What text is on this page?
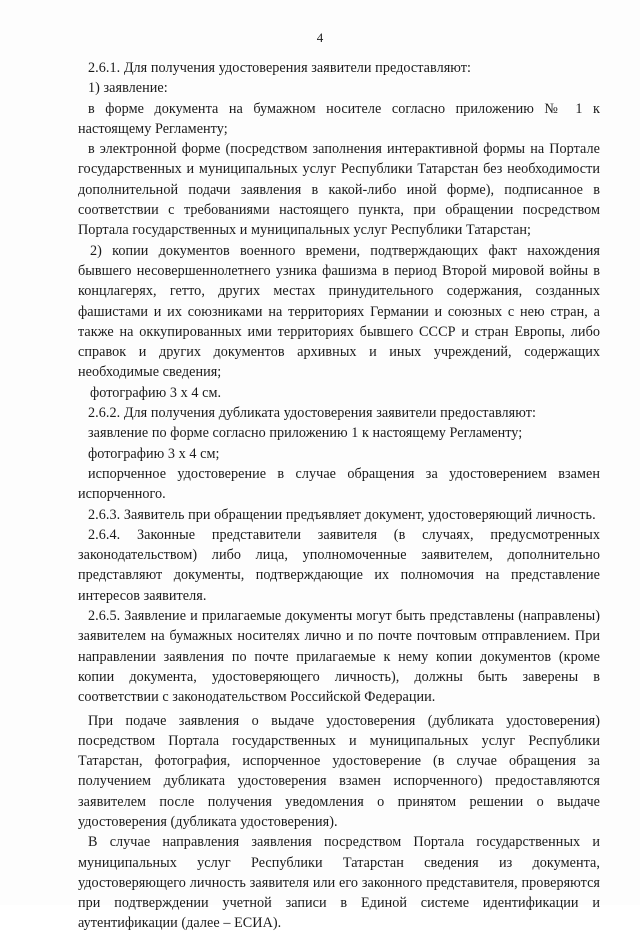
4

2.6.1. Для получения удостоверения заявители предоставляют:

1) заявление:

в форме документа на бумажном носителе согласно приложению № 1 к настоящему Регламенту;

в электронной форме (посредством заполнения интерактивной формы на Портале государственных и муниципальных услуг Республики Татарстан без необходимости дополнительной подачи заявления в какой-либо иной форме), подписанное в соответствии с требованиями настоящего пункта, при обращении посредством Портала государственных и муниципальных услуг Республики Татарстан;

2) копии документов военного времени, подтверждающих факт нахождения бывшего несовершеннолетнего узника фашизма в период Второй мировой войны в концлагерях, гетто, других местах принудительного содержания, созданных фашистами и их союзниками на территориях Германии и союзных с нею стран, а также на оккупированных ими территориях бывшего СССР и стран Европы, либо справок и других документов архивных и иных учреждений, содержащих необходимые сведения;

фотографию 3 х 4 см.

2.6.2. Для получения дубликата удостоверения заявители предоставляют:

заявление по форме согласно приложению 1 к настоящему Регламенту;

фотографию 3 х 4 см;

испорченное удостоверение в случае обращения за удостоверением взамен испорченного.

2.6.3. Заявитель при обращении предъявляет документ, удостоверяющий личность.

2.6.4. Законные представители заявителя (в случаях, предусмотренных законодательством) либо лица, уполномоченные заявителем, дополнительно представляют документы, подтверждающие их полномочия на представление интересов заявителя.

2.6.5. Заявление и прилагаемые документы могут быть представлены (направлены) заявителем на бумажных носителях лично и по почте почтовым отправлением. При направлении заявления по почте прилагаемые к нему копии документов (кроме копии документа, удостоверяющего личность), должны быть заверены в соответствии с законодательством Российской Федерации.

При подаче заявления о выдаче удостоверения (дубликата удостоверения) посредством Портала государственных и муниципальных услуг Республики Татарстан, фотография, испорченное удостоверение (в случае обращения за получением дубликата удостоверения взамен испорченного) предоставляются заявителем после получения уведомления о принятом решении о выдаче удостоверения (дубликата удостоверения).

В случае направления заявления посредством Портала государственных и муниципальных услуг Республики Татарстан сведения из документа, удостоверяющего личность заявителя или его законного представителя, проверяются при подтверждении учетной записи в Единой системе идентификации и аутентификации (далее – ЕСИА).
